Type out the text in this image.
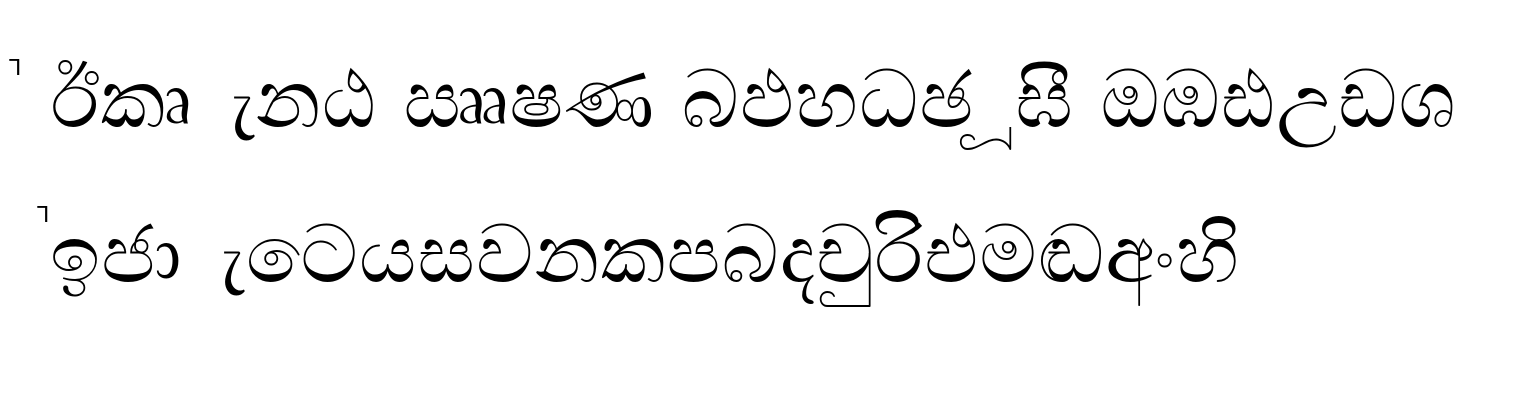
ᒣ ඊකෘ ැනඨ ඎෂණ බඵහධඡ ූඝී ඔඹඪඋඩශ
ᒣ ඉජා ැටෙයසවනකපබදචුරිඑමඬඅංහි
